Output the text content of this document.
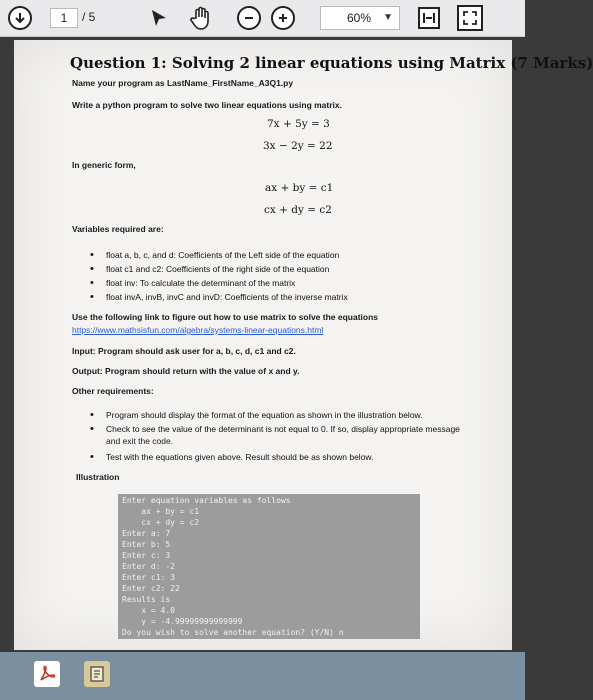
1	/ 5	60% ▼
Question 1: Solving 2 linear equations using Matrix (7 Marks)
Name your program as LastName_FirstName_A3Q1.py
Write a python program to solve two linear equations using matrix.
7x + 5y = 3
3x − 2y = 22
In generic form,
ax + by = c1
cx + dy = c2
Variables required are:
• float a, b, c, and d: Coefficients of the Left side of the equation
• float c1 and c2: Coefficients of the right side of the equation
• float inv: To calculate the determinant of the matrix
• float invA, invB, invC and invD: Coefficients of the inverse matrix
Use the following link to figure out how to use matrix to solve the equations
https://www.mathsisfun.com/algebra/systems-linear-equations.html
Input: Program should ask user for a, b, c, d, c1 and c2.
Output: Program should return with the value of x and y.
Other requirements:
• Program should display the format of the equation as shown in the illustration below.
• Check to see the value of the determinant is not equal to 0. If so, display appropriate message
and exit the code.
• Test with the equations given above. Result should be as shown below.
Illustration
Enter equation variables as follows
ax + by = c1
cx + dy = c2
Enter a: 7
Enter b: 5
Enter c: 3
Enter d: -2
Enter c1: 3
Enter c2: 22
Results is
x = 4.0
y = -4.99999999999999
Do you wish to solve another equation? (Y/N) n
